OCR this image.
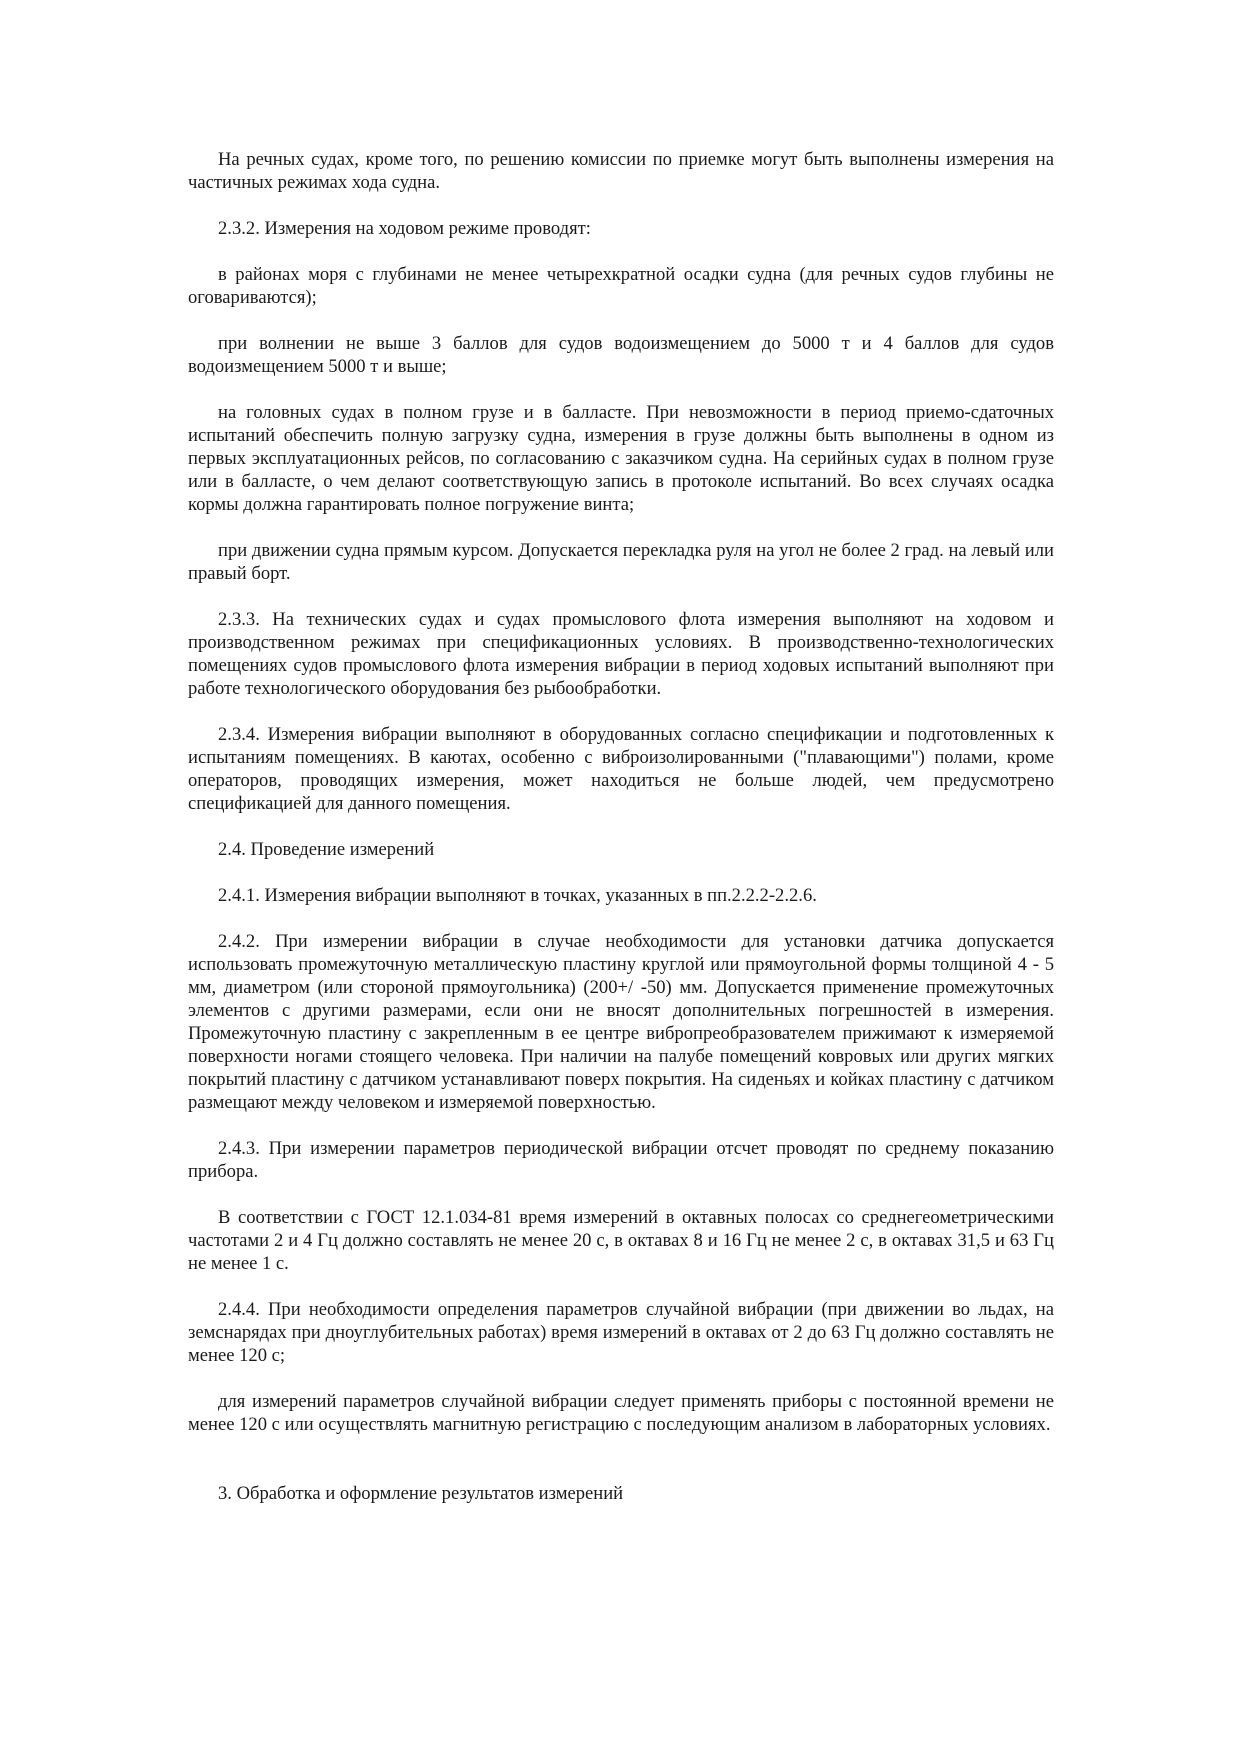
На речных судах, кроме того, по решению комиссии по приемке могут быть выполнены измерения на частичных режимах хода судна.

2.3.2. Измерения на ходовом режиме проводят:

в районах моря с глубинами не менее четырехкратной осадки судна (для речных судов глубины не оговариваются);

при волнении не выше 3 баллов для судов водоизмещением до 5000 т и 4 баллов для судов водоизмещением 5000 т и выше;

на головных судах в полном грузе и в балласте. При невозможности в период приемо-сдаточных испытаний обеспечить полную загрузку судна, измерения в грузе должны быть выполнены в одном из первых эксплуатационных рейсов, по согласованию с заказчиком судна. На серийных судах в полном грузе или в балласте, о чем делают соответствующую запись в протоколе испытаний. Во всех случаях осадка кормы должна гарантировать полное погружение винта;

при движении судна прямым курсом. Допускается перекладка руля на угол не более 2 град. на левый или правый борт.

2.3.3. На технических судах и судах промыслового флота измерения выполняют на ходовом и производственном режимах при спецификационных условиях. В производственно-технологических помещениях судов промыслового флота измерения вибрации в период ходовых испытаний выполняют при работе технологического оборудования без рыбообработки.

2.3.4. Измерения вибрации выполняют в оборудованных согласно спецификации и подготовленных к испытаниям помещениях. В каютах, особенно с виброизолированными ("плавающими") полами, кроме операторов, проводящих измерения, может находиться не больше людей, чем предусмотрено спецификацией для данного помещения.

2.4. Проведение измерений

2.4.1. Измерения вибрации выполняют в точках, указанных в пп.2.2.2-2.2.6.

2.4.2. При измерении вибрации в случае необходимости для установки датчика допускается использовать промежуточную металлическую пластину круглой или прямоугольной формы толщиной 4 - 5 мм, диаметром (или стороной прямоугольника) (200+/ -50) мм. Допускается применение промежуточных элементов с другими размерами, если они не вносят дополнительных погрешностей в измерения. Промежуточную пластину с закрепленным в ее центре вибропреобразователем прижимают к измеряемой поверхности ногами стоящего человека. При наличии на палубе помещений ковровых или других мягких покрытий пластину с датчиком устанавливают поверх покрытия. На сиденьях и койках пластину с датчиком размещают между человеком и измеряемой поверхностью.

2.4.3. При измерении параметров периодической вибрации отсчет проводят по среднему показанию прибора.

В соответствии с ГОСТ 12.1.034-81 время измерений в октавных полосах со среднегеометрическими частотами 2 и 4 Гц должно составлять не менее 20 с, в октавах 8 и 16 Гц не менее 2 с, в октавах 31,5 и 63 Гц не менее 1 с.

2.4.4. При необходимости определения параметров случайной вибрации (при движении во льдах, на земснарядах при дноуглубительных работах) время измерений в октавах от 2 до 63 Гц должно составлять не менее 120 с;

для измерений параметров случайной вибрации следует применять приборы с постоянной времени не менее 120 с или осуществлять магнитную регистрацию с последующим анализом в лабораторных условиях.

3. Обработка и оформление результатов измерений
